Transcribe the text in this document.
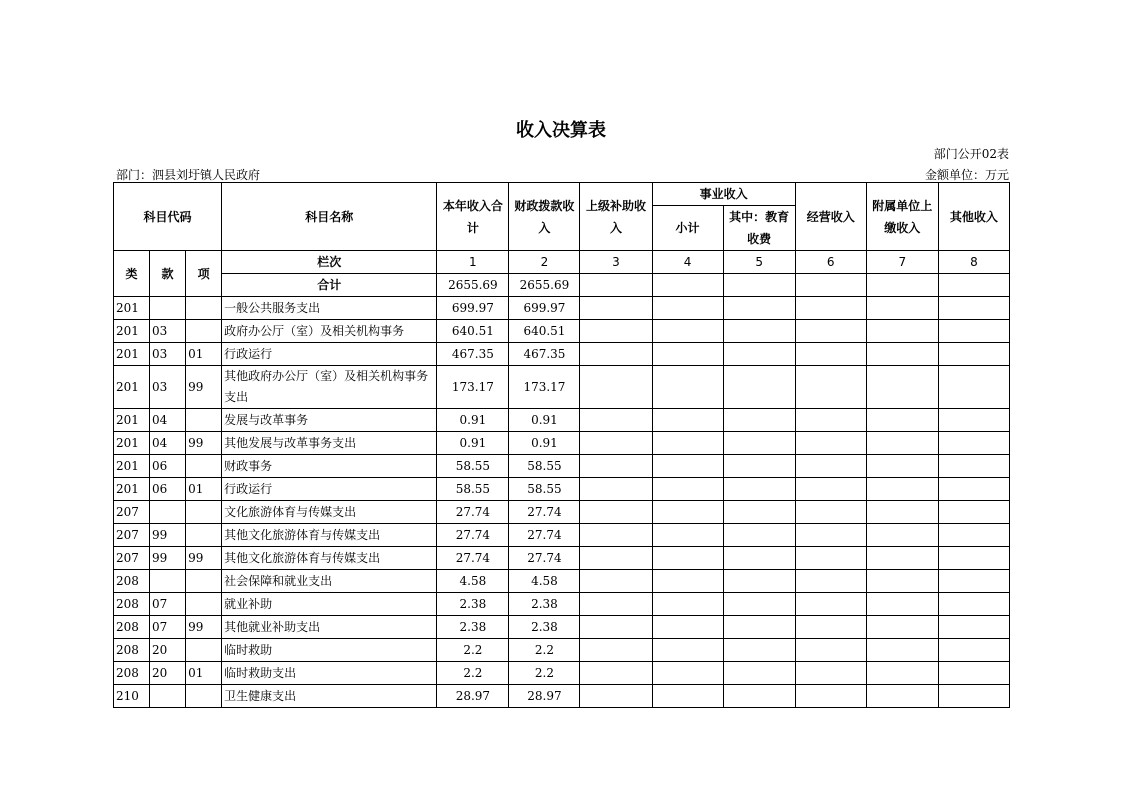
收入决算表
部门公开02表
部门：泗县刘圩镇人民政府	金额单位：万元
科目代码			科目名称	本年收入合计	财政拨款收入	上级补助收入	事业收入		经营收入	附属单位上缴收入	其他收入
							小计	其中：教育收费			
类	款	项	栏次	1	2	3	4	5	6	7	8
			合计	2655.69	2655.69						
201			一般公共服务支出	699.97	699.97						
201	03		政府办公厅（室）及相关机构事务	640.51	640.51						
201	03	01	行政运行	467.35	467.35						
201	03	99	其他政府办公厅（室）及相关机构事务支出	173.17	173.17						
201	04		发展与改革事务	0.91	0.91						
201	04	99	其他发展与改革事务支出	0.91	0.91						
201	06		财政事务	58.55	58.55						
201	06	01	行政运行	58.55	58.55						
207			文化旅游体育与传媒支出	27.74	27.74						
207	99		其他文化旅游体育与传媒支出	27.74	27.74						
207	99	99	其他文化旅游体育与传媒支出	27.74	27.74						
208			社会保障和就业支出	4.58	4.58						
208	07		就业补助	2.38	2.38						
208	07	99	其他就业补助支出	2.38	2.38						
208	20		临时救助	2.2	2.2						
208	20	01	临时救助支出	2.2	2.2						
210			卫生健康支出	28.97	28.97						
